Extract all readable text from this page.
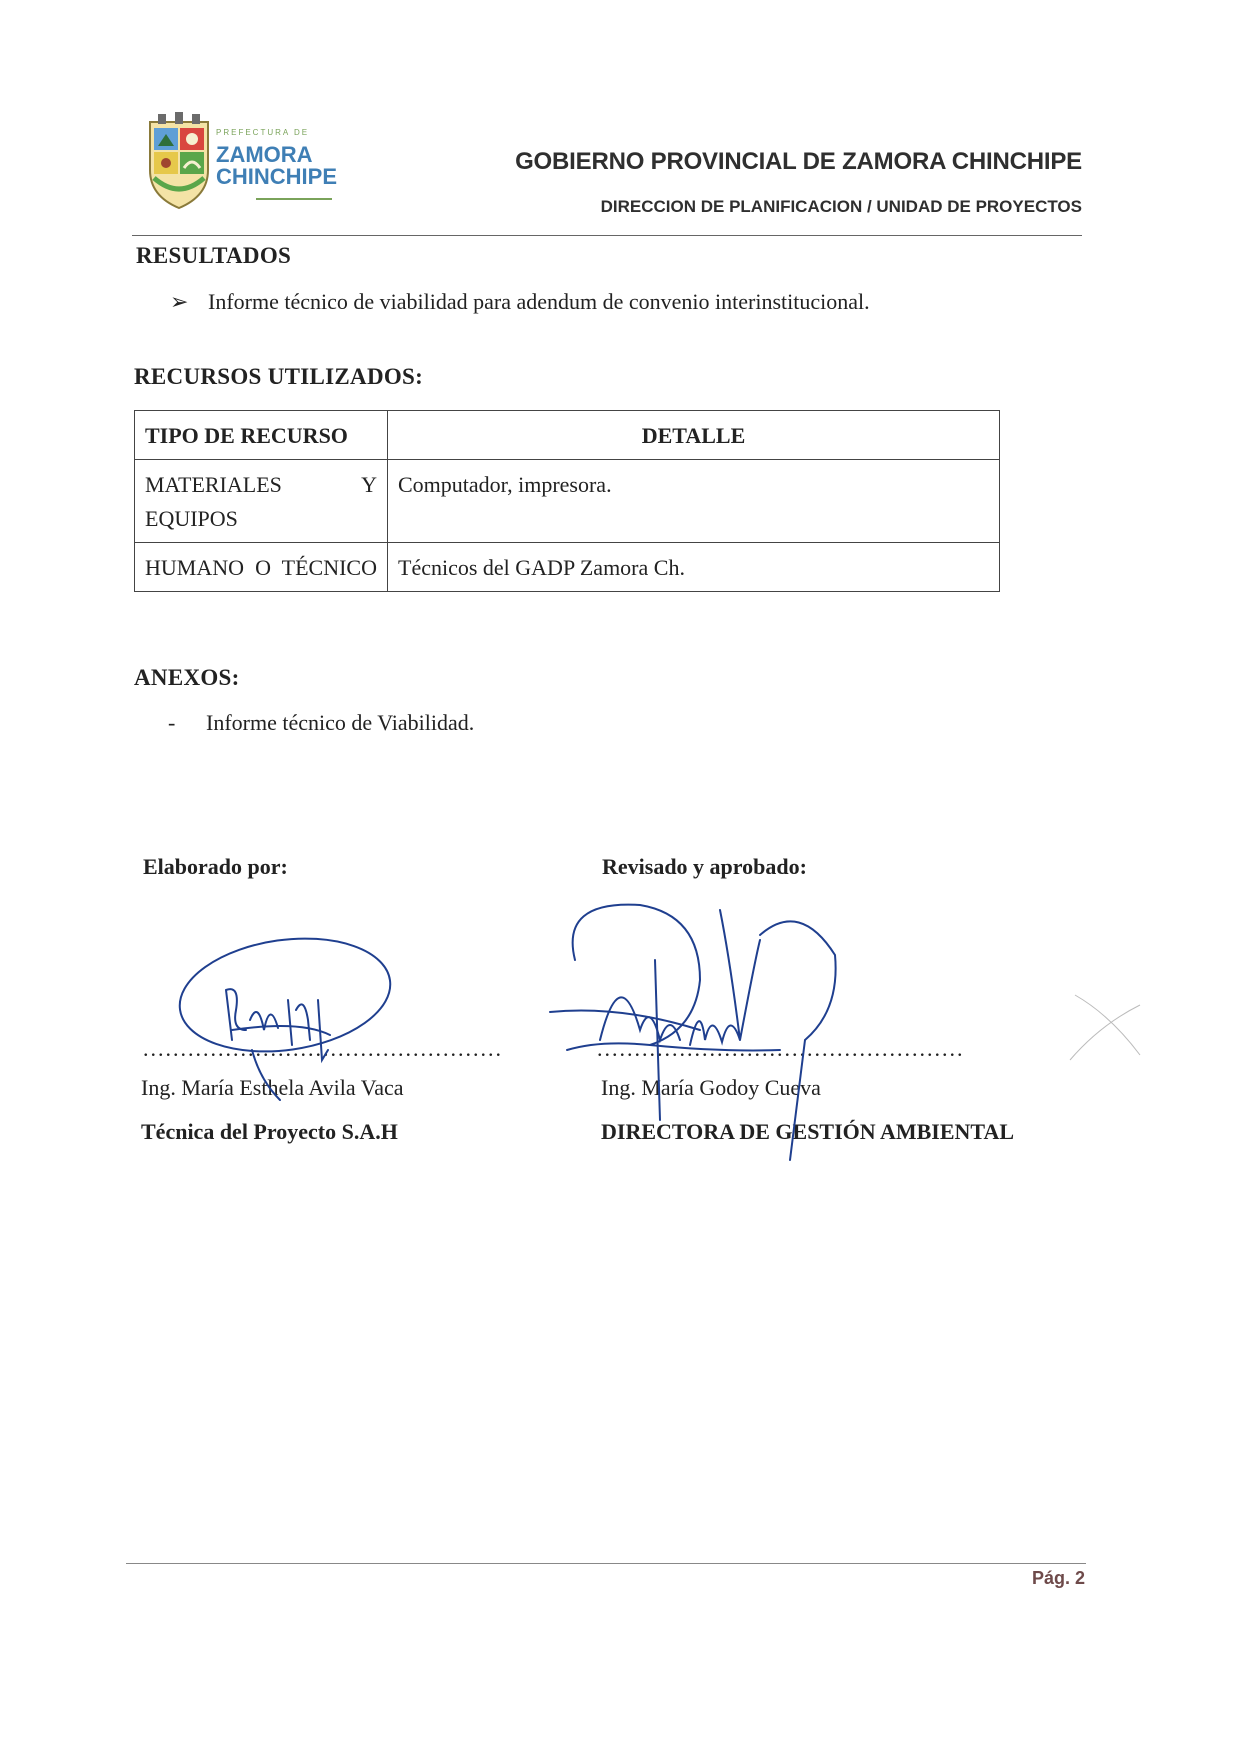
PREFECTURA DE
ZAMORA
CHINCHIPE
GOBIERNO PROVINCIAL DE ZAMORA CHINCHIPE
DIRECCION DE PLANIFICACION / UNIDAD DE PROYECTOS
RESULTADOS
➢ Informe técnico de viabilidad para adendum de convenio interinstitucional.
RECURSOS UTILIZADOS:
TIPO DE RECURSO	DETALLE
MATERIALES Y EQUIPOS	Computador, impresora.
HUMANO O TÉCNICO	Técnicos del GADP Zamora Ch.
ANEXOS:
- Informe técnico de Viabilidad.
Elaborado por:	Revisado y aprobado:
................................................	.................................................
Ing. María Esthela Avila Vaca
Técnica del Proyecto S.A.H
Ing. María Godoy Cueva
DIRECTORA DE GESTIÓN AMBIENTAL
Pág. 2
